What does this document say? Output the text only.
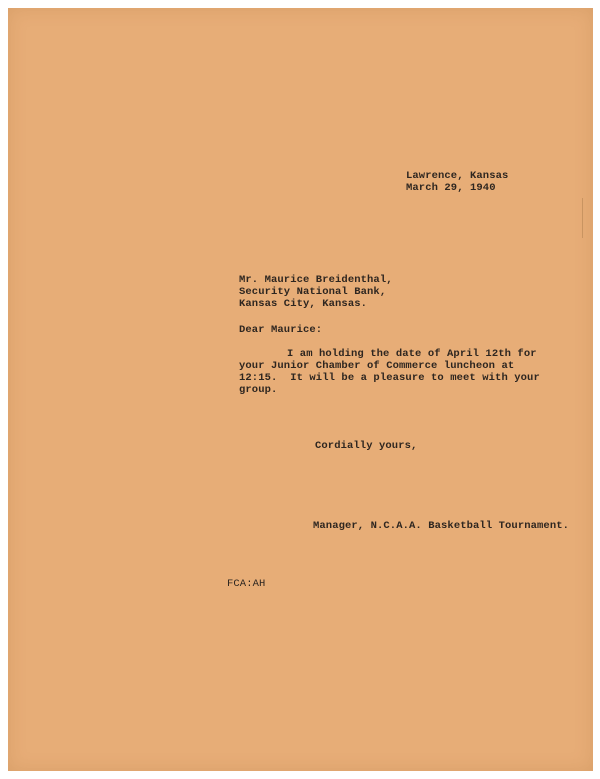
Lawrence, Kansas
March 29, 1940
Mr. Maurice Breidenthal,
Security National Bank,
Kansas City, Kansas.
Dear Maurice:
I am holding the date of April 12th for
your Junior Chamber of Commerce luncheon at
12:15.  It will be a pleasure to meet with your
group.
Cordially yours,
Manager, N.C.A.A. Basketball Tournament.
FCA:AH
